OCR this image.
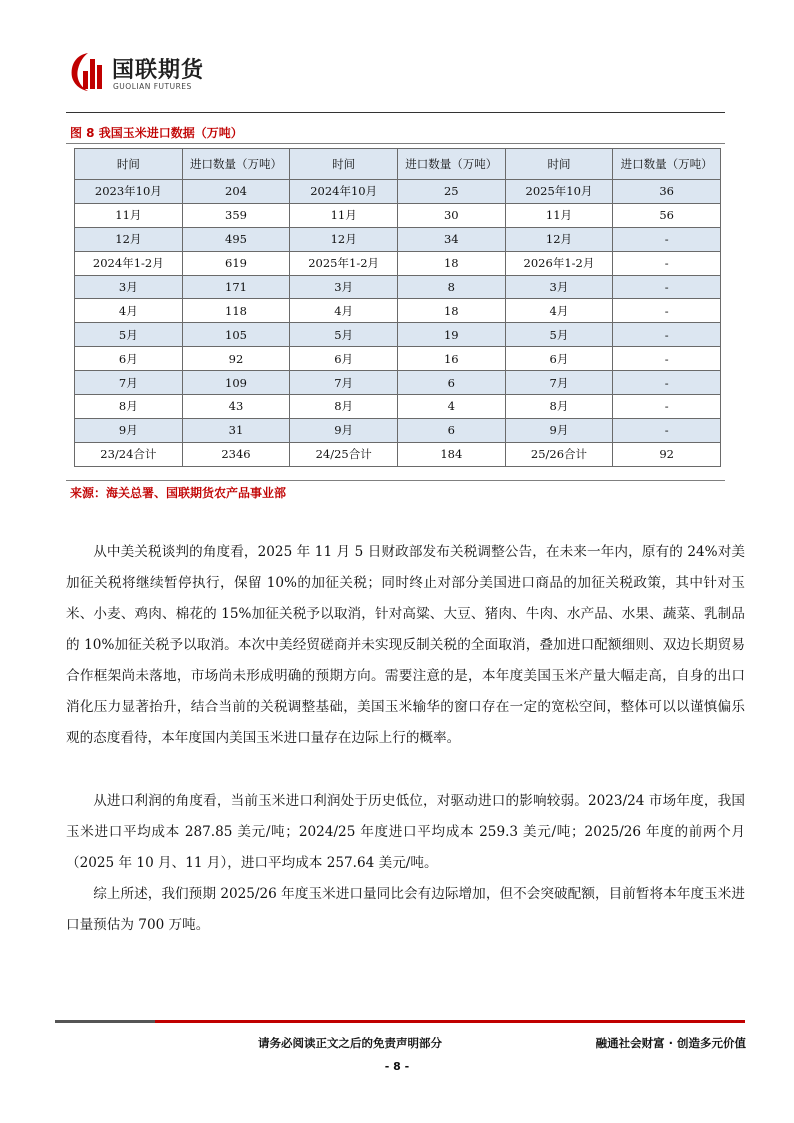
国联期货
GUOLIAN FUTURES
图 8 我国玉米进口数据（万吨）
时间	进口数量（万吨）	时间	进口数量（万吨）	时间	进口数量（万吨）
2023年10月	204	2024年10月	25	2025年10月	36
11月	359	11月	30	11月	56
12月	495	12月	34	12月	-
2024年1-2月	619	2025年1-2月	18	2026年1-2月	-
3月	171	3月	8	3月	-
4月	118	4月	18	4月	-
5月	105	5月	19	5月	-
6月	92	6月	16	6月	-
7月	109	7月	6	7月	-
8月	43	8月	4	8月	-
9月	31	9月	6	9月	-
23/24合计	2346	24/25合计	184	25/26合计	92
来源：海关总署、国联期货农产品事业部

从中美关税谈判的角度看，2025 年 11 月 5 日财政部发布关税调整公告，在未来一年内，原有的 24%对美加征关税将继续暂停执行，保留 10%的加征关税；同时终止对部分美国进口商品的加征关税政策，其中针对玉米、小麦、鸡肉、棉花的 15%加征关税予以取消，针对高粱、大豆、猪肉、牛肉、水产品、水果、蔬菜、乳制品的 10%加征关税予以取消。本次中美经贸磋商并未实现反制关税的全面取消，叠加进口配额细则、双边长期贸易合作框架尚未落地，市场尚未形成明确的预期方向。需要注意的是，本年度美国玉米产量大幅走高，自身的出口消化压力显著抬升，结合当前的关税调整基础，美国玉米输华的窗口存在一定的宽松空间，整体可以以谨慎偏乐观的态度看待，本年度国内美国玉米进口量存在边际上行的概率。

从进口利润的角度看，当前玉米进口利润处于历史低位，对驱动进口的影响较弱。2023/24 市场年度，我国玉米进口平均成本 287.85 美元/吨；2024/25 年度进口平均成本 259.3 美元/吨；2025/26 年度的前两个月（2025 年 10 月、11 月），进口平均成本 257.64 美元/吨。

综上所述，我们预期 2025/26 年度玉米进口量同比会有边际增加，但不会突破配额，目前暂将本年度玉米进口量预估为 700 万吨。

请务必阅读正文之后的免责声明部分	融通社会财富 · 创造多元价值
- 8 -
